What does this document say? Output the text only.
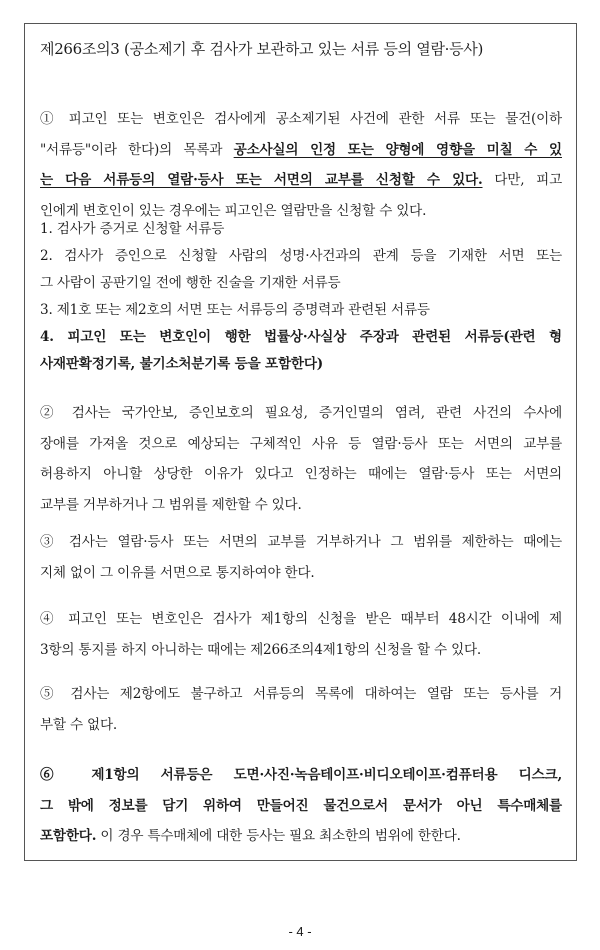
제266조의3 (공소제기 후 검사가 보관하고 있는 서류 등의 열람·등사)
① 피고인 또는 변호인은 검사에게 공소제기된 사건에 관한 서류 또는 물건(이하
"서류등"이라 한다)의 목록과 공소사실의 인정 또는 양형에 영향을 미칠 수 있
는 다음 서류등의 열람·등사 또는 서면의 교부를 신청할 수 있다. 다만, 피고
인에게 변호인이 있는 경우에는 피고인은 열람만을 신청할 수 있다.
1. 검사가 증거로 신청할 서류등
2. 검사가 증인으로 신청할 사람의 성명·사건과의 관계 등을 기재한 서면 또는
그 사람이 공판기일 전에 행한 진술을 기재한 서류등
3. 제1호 또는 제2호의 서면 또는 서류등의 증명력과 관련된 서류등
4. 피고인 또는 변호인이 행한 법률상·사실상 주장과 관련된 서류등(관련 형
사재판확정기록, 불기소처분기록 등을 포함한다)
② 검사는 국가안보, 증인보호의 필요성, 증거인멸의 염려, 관련 사건의 수사에
장애를 가져올 것으로 예상되는 구체적인 사유 등 열람·등사 또는 서면의 교부를
허용하지 아니할 상당한 이유가 있다고 인정하는 때에는 열람·등사 또는 서면의
교부를 거부하거나 그 범위를 제한할 수 있다.
③ 검사는 열람·등사 또는 서면의 교부를 거부하거나 그 범위를 제한하는 때에는
지체 없이 그 이유를 서면으로 통지하여야 한다.
④ 피고인 또는 변호인은 검사가 제1항의 신청을 받은 때부터 48시간 이내에 제
3항의 통지를 하지 아니하는 때에는 제266조의4제1항의 신청을 할 수 있다.
⑤ 검사는 제2항에도 불구하고 서류등의 목록에 대하여는 열람 또는 등사를 거
부할 수 없다.
⑥ 제1항의 서류등은 도면·사진·녹음테이프·비디오테이프·컴퓨터용 디스크,
그 밖에 정보를 담기 위하여 만들어진 물건으로서 문서가 아닌 특수매체를
포함한다. 이 경우 특수매체에 대한 등사는 필요 최소한의 범위에 한한다.
- 4 -
